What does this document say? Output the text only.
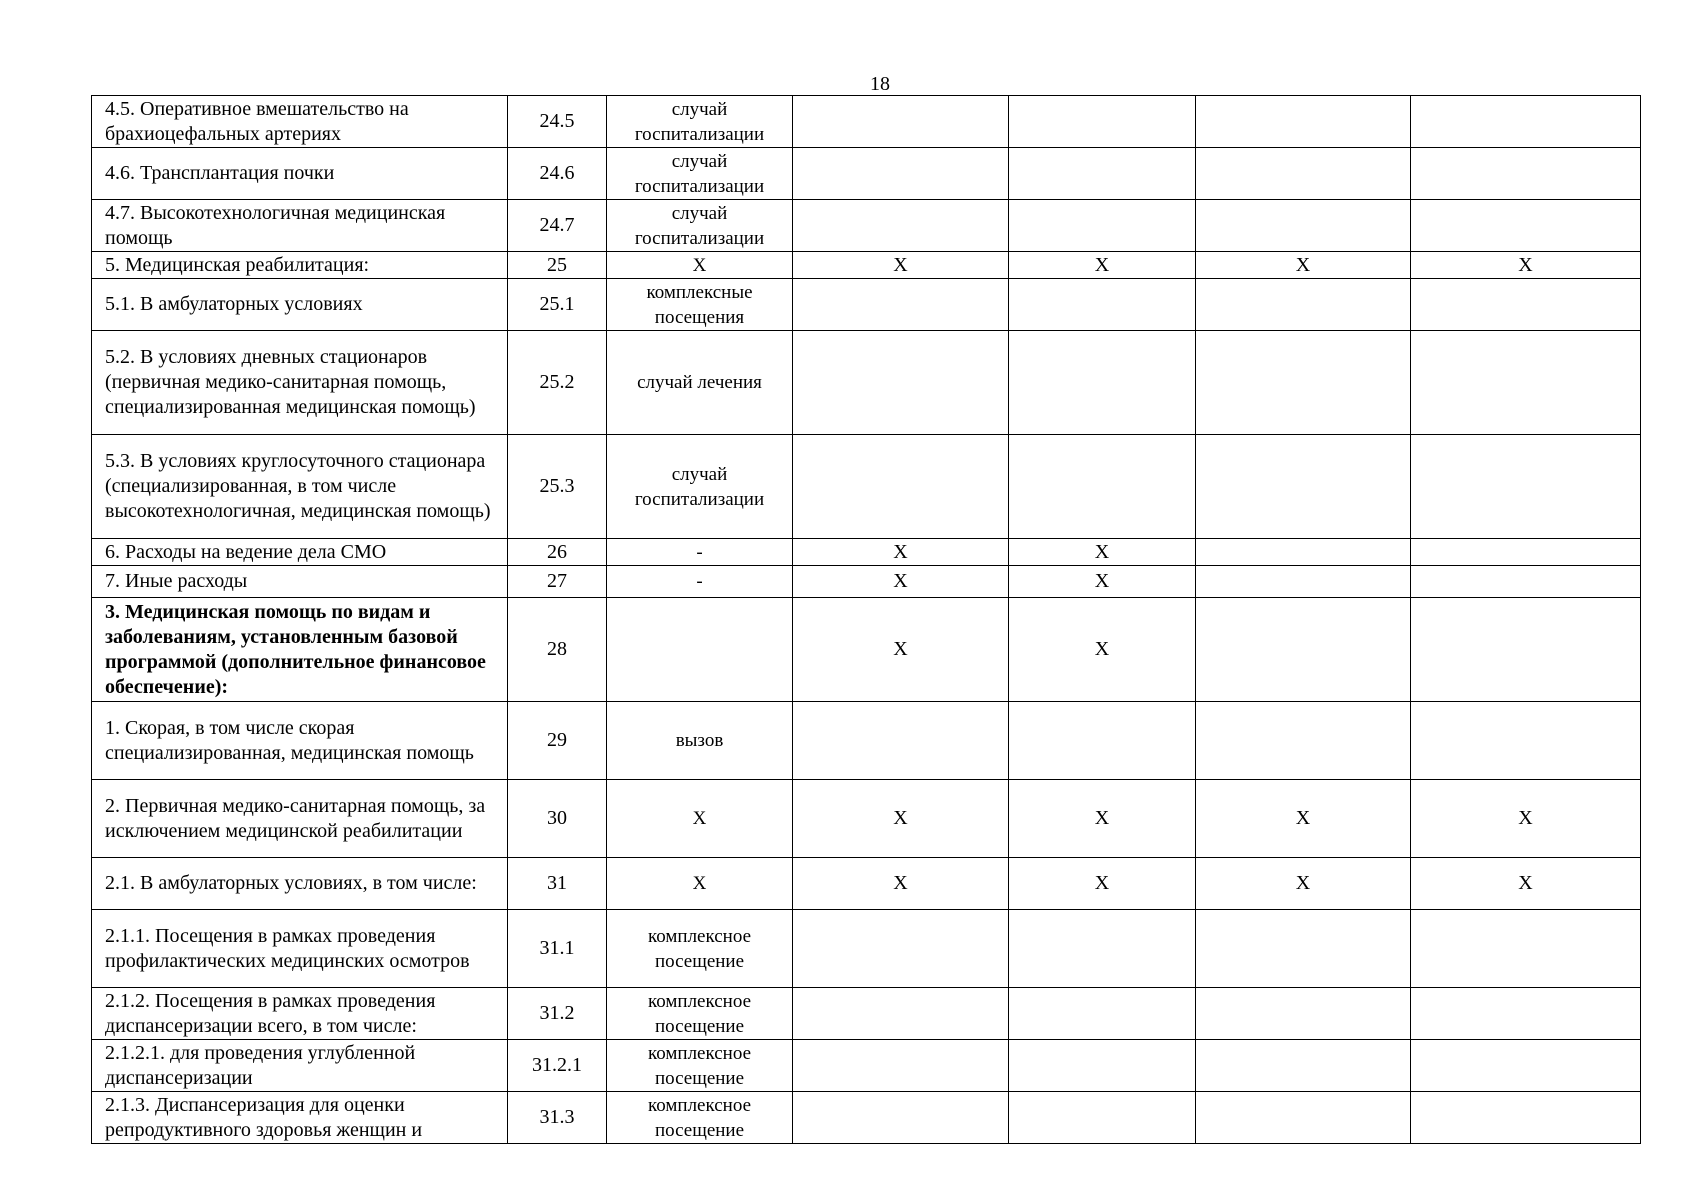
18
4.5. Оперативное вмешательство на брахиоцефальных артериях	24.5	случай госпитализации				
4.6. Трансплантация почки	24.6	случай госпитализации				
4.7. Высокотехнологичная медицинская помощь	24.7	случай госпитализации				
5. Медицинская реабилитация:	25	Х	Х	Х	Х	Х
5.1. В амбулаторных условиях	25.1	комплексные посещения				
5.2. В условиях дневных стационаров (первичная медико-санитарная помощь, специализированная медицинская помощь)	25.2	случай лечения				
5.3. В условиях круглосуточного стационара (специализированная, в том числе высокотехнологичная, медицинская помощь)	25.3	случай госпитализации				
6. Расходы на ведение дела СМО	26	-	Х	Х		
7. Иные расходы	27	-	Х	Х		
3. Медицинская помощь по видам и заболеваниям, установленным базовой программой (дополнительное финансовое обеспечение):	28		Х	Х		
1. Скорая, в том числе скорая специализированная, медицинская помощь	29	вызов				
2. Первичная медико-санитарная помощь, за исключением медицинской реабилитации	30	Х	Х	Х	Х	Х
2.1. В амбулаторных условиях, в том числе:	31	Х	Х	Х	Х	Х
2.1.1. Посещения в рамках проведения профилактических медицинских осмотров	31.1	комплексное посещение				
2.1.2. Посещения в рамках проведения диспансеризации всего, в том числе:	31.2	комплексное посещение				
2.1.2.1. для проведения углубленной диспансеризации	31.2.1	комплексное посещение				
2.1.3. Диспансеризация для оценки репродуктивного здоровья женщин и	31.3	комплексное посещение				
